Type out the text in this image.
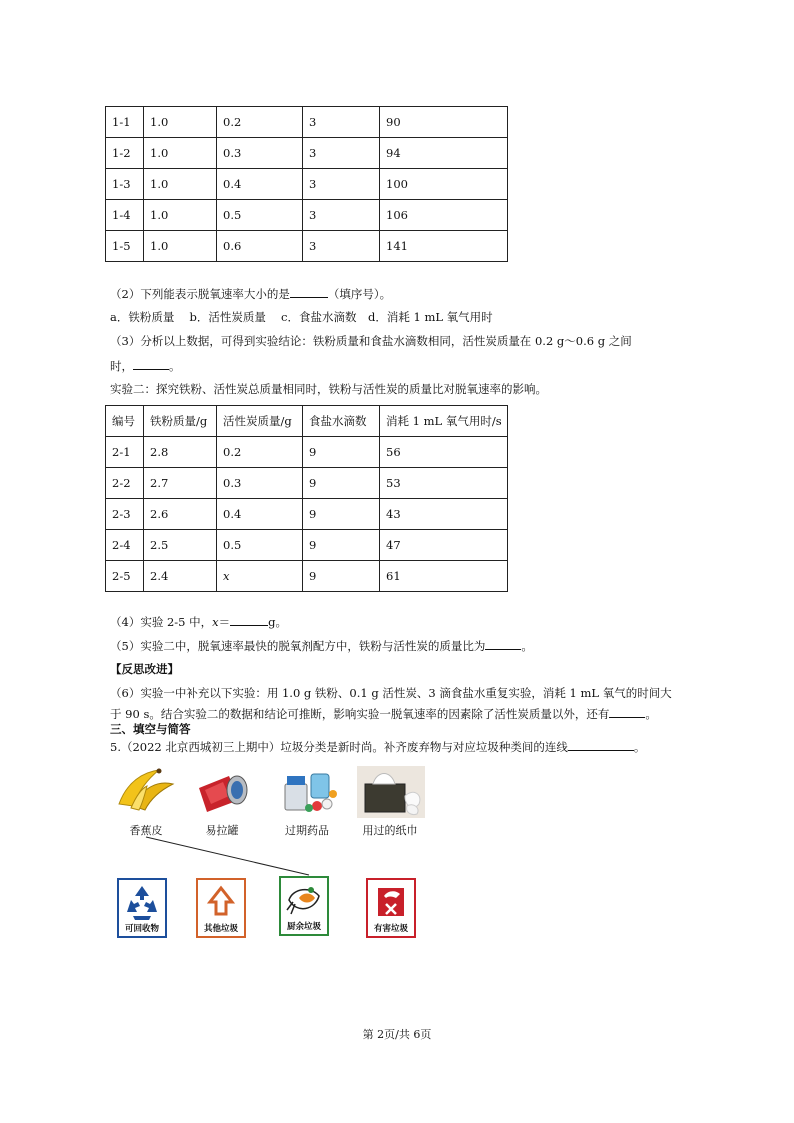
1-1	1.0	0.2	3	90
1-2	1.0	0.3	3	94
1-3	1.0	0.4	3	100
1-4	1.0	0.5	3	106
1-5	1.0	0.6	3	141
（2）下列能表示脱氧速率大小的是	（填序号）。
a．铁粉质量　 b．活性炭质量　 c．食盐水滴数　d．消耗 1 mL 氧气用时
（3）分析以上数据，可得到实验结论：铁粉质量和食盐水滴数相同，活性炭质量在 0.2 g～0.6 g 之间
时，	。
实验二：探究铁粉、活性炭总质量相同时，铁粉与活性炭的质量比对脱氧速率的影响。
编号	铁粉质量/g	活性炭质量/g	食盐水滴数	消耗 1 mL 氧气用时/s
2-1	2.8	0.2	9	56
2-2	2.7	0.3	9	53
2-3	2.6	0.4	9	43
2-4	2.5	0.5	9	47
2-5	2.4	x	9	61
（4）实验 2-5 中，x＝	g。
（5）实验二中，脱氧速率最快的脱氧剂配方中，铁粉与活性炭的质量比为	。
【反思改进】
（6）实验一中补充以下实验：用 1.0 g 铁粉、0.1 g 活性炭、3 滴食盐水重复实验，消耗 1 mL 氧气的时间大
于 90 s。结合实验二的数据和结论可推断，影响实验一脱氧速率的因素除了活性炭质量以外，还有	。
三、填空与简答
5.（2022 北京西城初三上期中）垃圾分类是新时尚。补齐废弃物与对应垃圾种类间的连线	。
香蕉皮	易拉罐	过期药品	用过的纸巾
可回收物	其他垃圾	厨余垃圾	有害垃圾
第 2页/共 6页
